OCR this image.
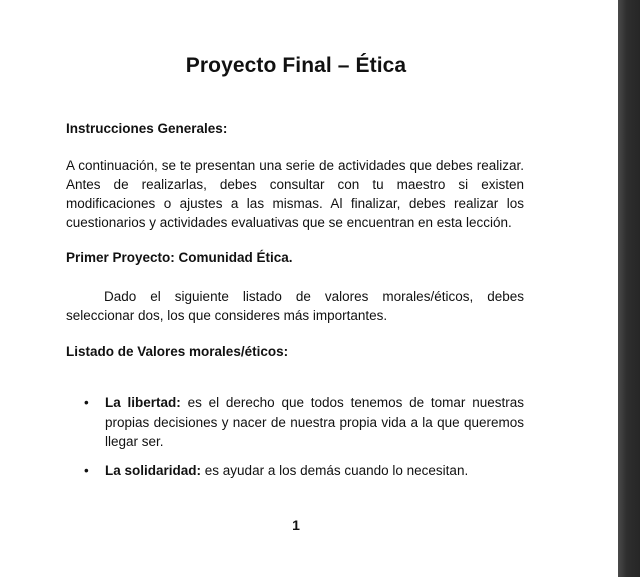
Proyecto Final – Ética
Instrucciones Generales:
A continuación, se te presentan una serie de actividades que debes realizar. Antes de realizarlas, debes consultar con tu maestro si existen modificaciones o ajustes a las mismas. Al finalizar, debes realizar los cuestionarios y actividades evaluativas que se encuentran en esta lección.
Primer Proyecto: Comunidad Ética.
Dado el siguiente listado de valores morales/éticos, debes seleccionar dos, los que consideres más importantes.
Listado de Valores morales/éticos:
• La libertad: es el derecho que todos tenemos de tomar nuestras propias decisiones y nacer de nuestra propia vida a la que queremos llegar ser.
• La solidaridad: es ayudar a los demás cuando lo necesitan.
1
